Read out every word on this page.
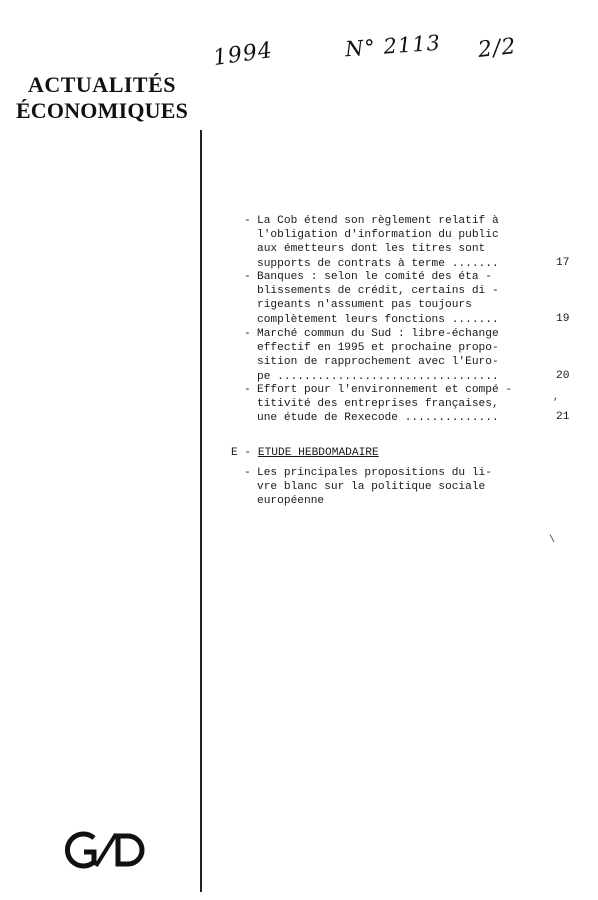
1994	N° 2113 2/2
ACTUALITÉS
ÉCONOMIQUES
- La Cob étend son règlement relatif à
l'obligation d'information du public
aux émetteurs dont les titres sont
supports de contrats à terme .......	17
- Banques : selon le comité des éta -
blissements de crédit, certains di -
rigeants n'assument pas toujours
complètement leurs fonctions .......	19
- Marché commun du Sud : libre-échange
effectif en 1995 et prochaine propo-
sition de rapprochement avec l'Euro-
pe .................................	20
- Effort pour l'environnement et compé -
titivité des entreprises françaises,
une étude de Rexecode ..............	21
E - ETUDE HEBDOMADAIRE
- Les principales propositions du li-
vre blanc sur la politique sociale
européenne
,
\
